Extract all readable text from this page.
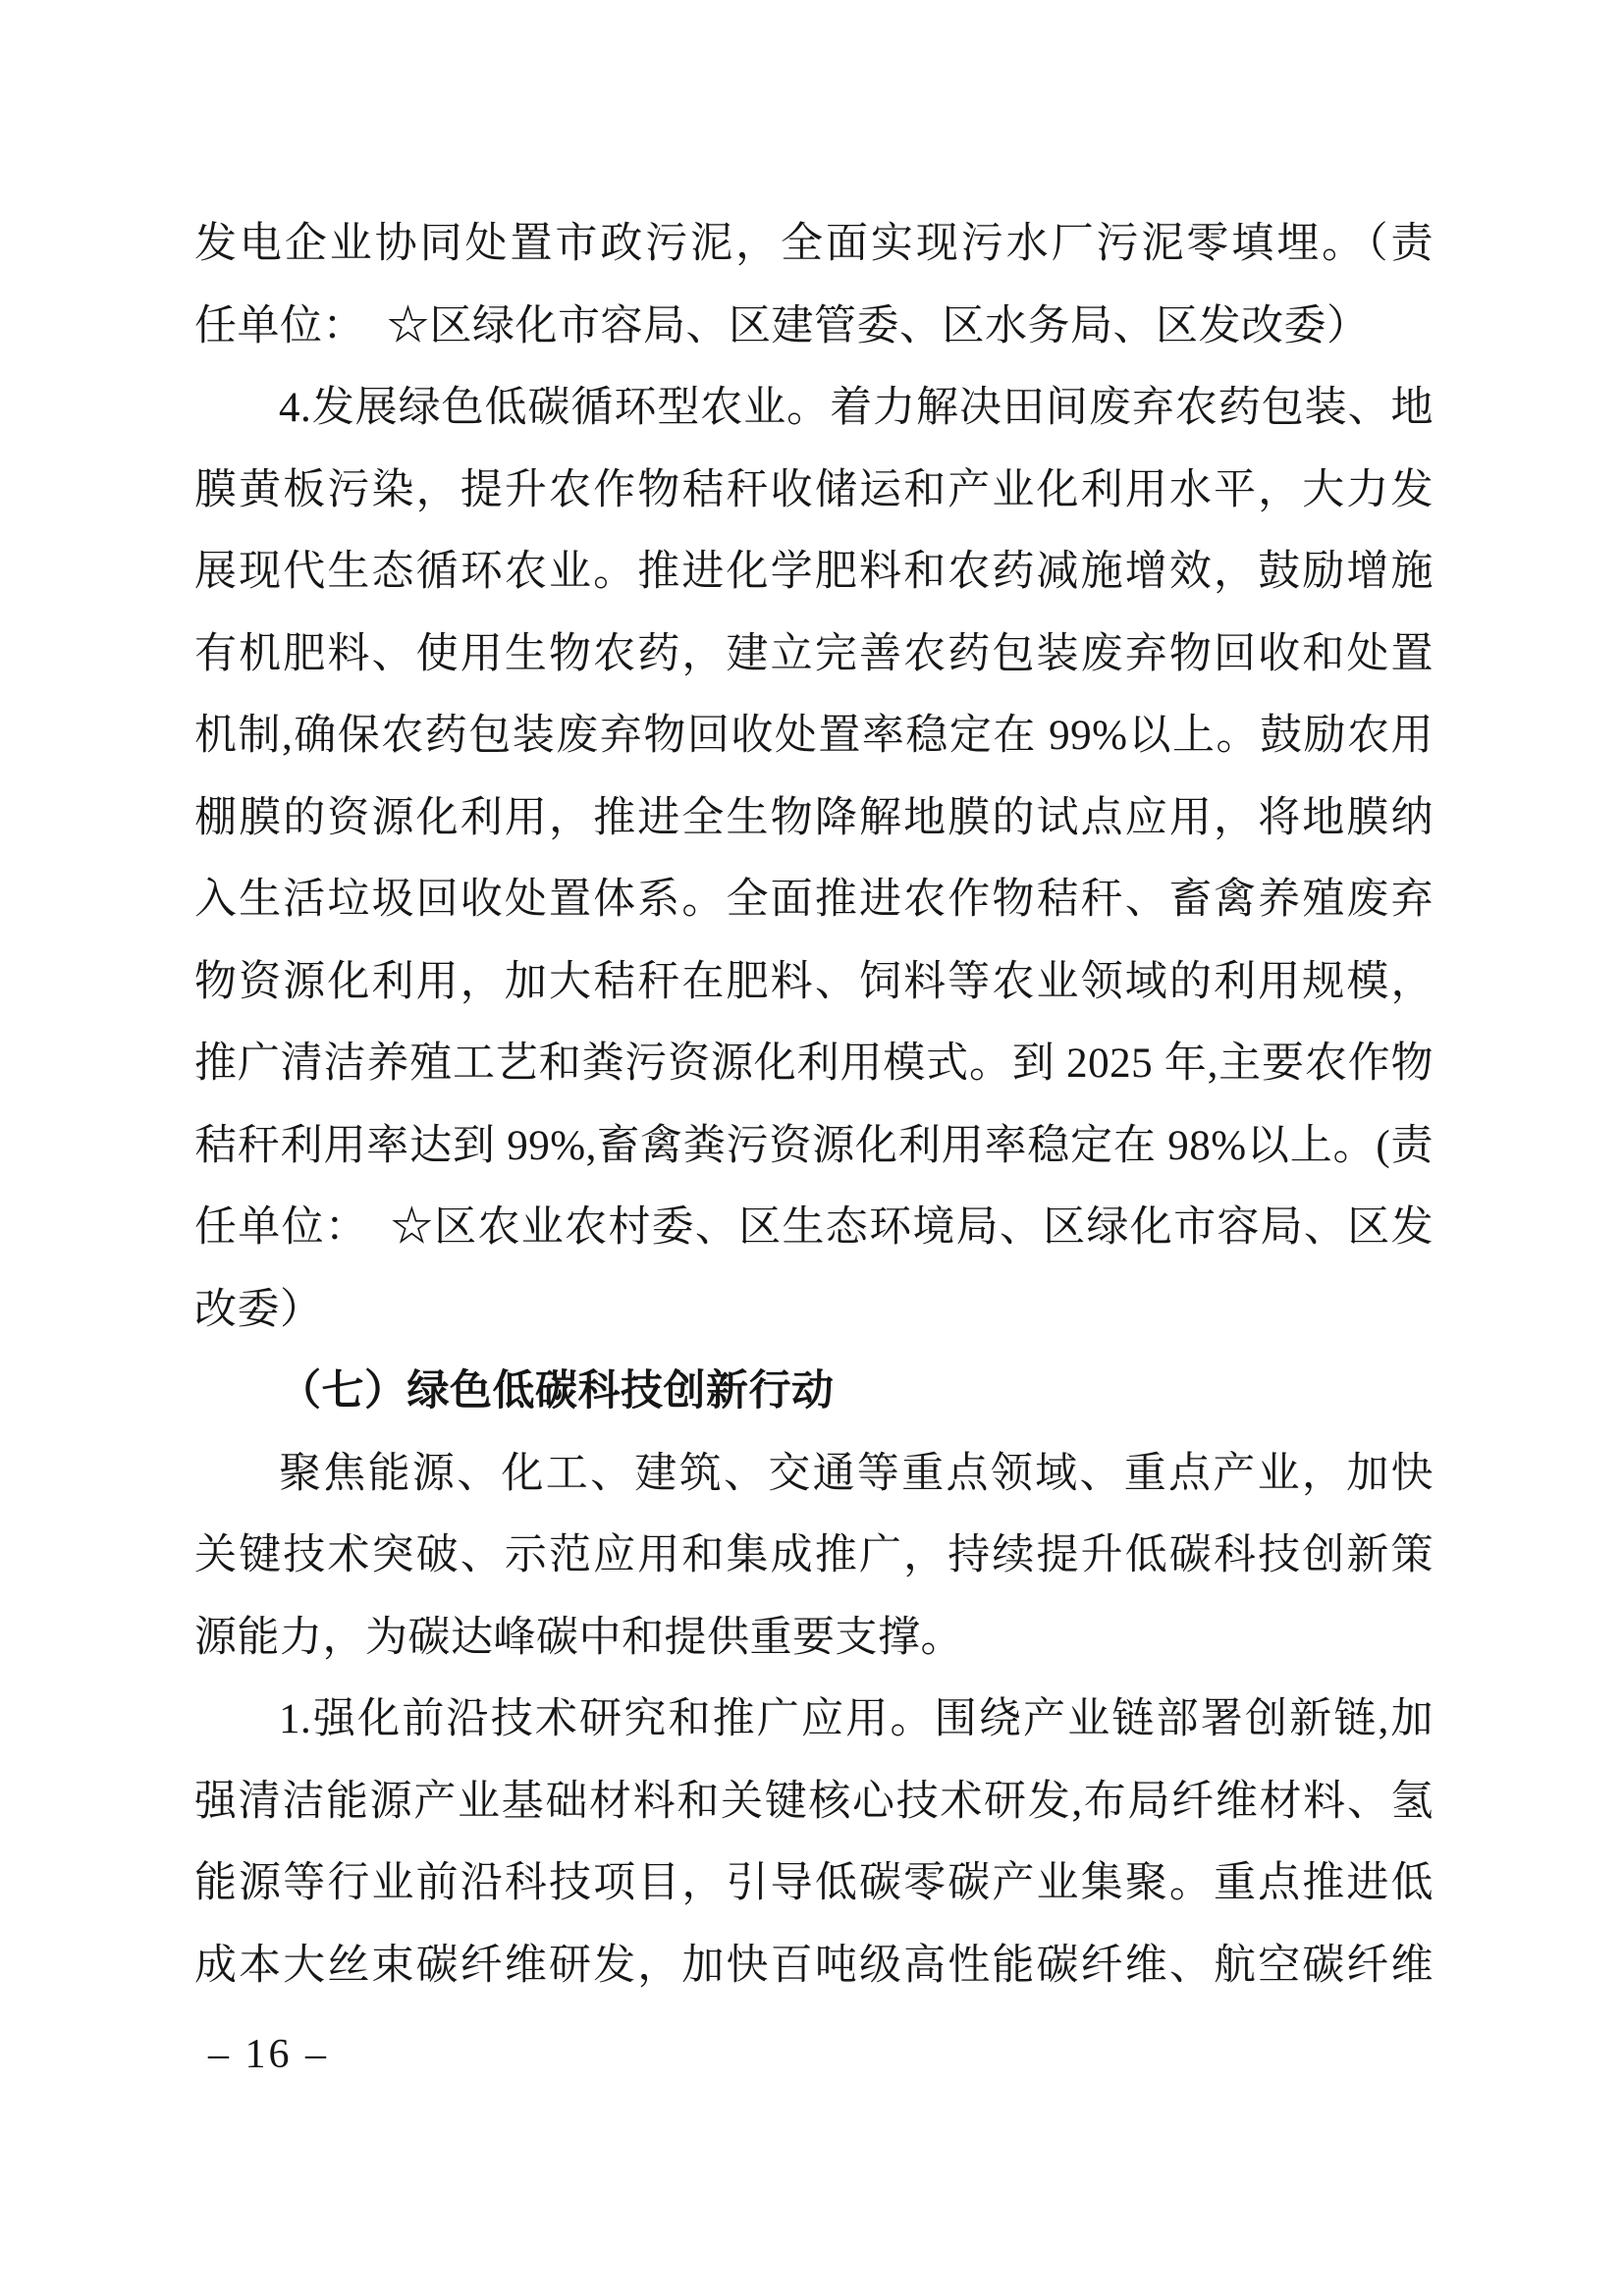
发电企业协同处置市政污泥，全面实现污水厂污泥零填埋。（责
任单位：　☆区绿化市容局、区建管委、区水务局、区发改委）
4.发展绿色低碳循环型农业。着力解决田间废弃农药包装、地
膜黄板污染，提升农作物秸秆收储运和产业化利用水平，大力发
展现代生态循环农业。推进化学肥料和农药减施增效，鼓励增施
有机肥料、使用生物农药，建立完善农药包装废弃物回收和处置
机制,确保农药包装废弃物回收处置率稳定在 99%以上。鼓励农用
棚膜的资源化利用，推进全生物降解地膜的试点应用，将地膜纳
入生活垃圾回收处置体系。全面推进农作物秸秆、畜禽养殖废弃
物资源化利用，加大秸秆在肥料、饲料等农业领域的利用规模，
推广清洁养殖工艺和粪污资源化利用模式。到 2025 年,主要农作物
秸秆利用率达到 99%,畜禽粪污资源化利用率稳定在 98%以上。(责
任单位：　☆区农业农村委、区生态环境局、区绿化市容局、区发
改委）
（七）绿色低碳科技创新行动
聚焦能源、化工、建筑、交通等重点领域、重点产业，加快
关键技术突破、示范应用和集成推广，持续提升低碳科技创新策
源能力，为碳达峰碳中和提供重要支撑。
1.强化前沿技术研究和推广应用。围绕产业链部署创新链,加
强清洁能源产业基础材料和关键核心技术研发,布局纤维材料、氢
能源等行业前沿科技项目，引导低碳零碳产业集聚。重点推进低
成本大丝束碳纤维研发，加快百吨级高性能碳纤维、航空碳纤维
– 16 –
